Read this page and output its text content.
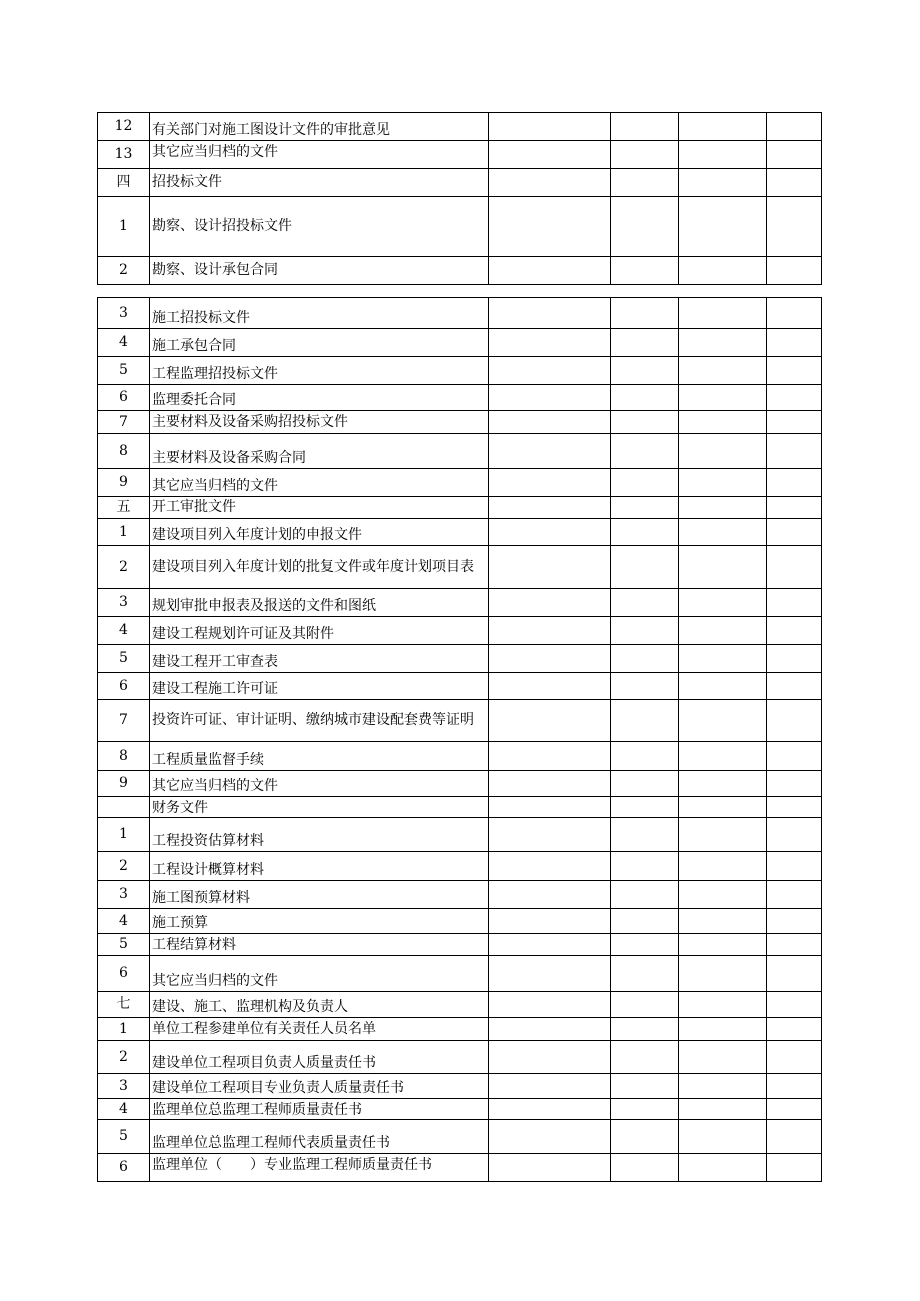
12	有关部门对施工图设计文件的审批意见				
13	其它应当归档的文件				
四	招投标文件				
1	勘察、设计招投标文件				
2	勘察、设计承包合同				
3	施工招投标文件				
4	施工承包合同				
5	工程监理招投标文件				
6	监理委托合同				
7	主要材料及设备采购招投标文件				
8	主要材料及设备采购合同				
9	其它应当归档的文件				
五	开工审批文件				
1	建设项目列入年度计划的申报文件				
2	建设项目列入年度计划的批复文件或年度计划项目表				
3	规划审批申报表及报送的文件和图纸				
4	建设工程规划许可证及其附件				
5	建设工程开工审查表				
6	建设工程施工许可证				
7	投资许可证、审计证明、缴纳城市建设配套费等证明				
8	工程质量监督手续				
9	其它应当归档的文件				
	财务文件				
1	工程投资估算材料				
2	工程设计概算材料				
3	施工图预算材料				
4	施工预算				
5	工程结算材料				
6	其它应当归档的文件				
七	建设、施工、监理机构及负责人				
1	单位工程参建单位有关责任人员名单				
2	建设单位工程项目负责人质量责任书				
3	建设单位工程项目专业负责人质量责任书				
4	监理单位总监理工程师质量责任书				
5	监理单位总监理工程师代表质量责任书				
6	监理单位（　　）专业监理工程师质量责任书				
